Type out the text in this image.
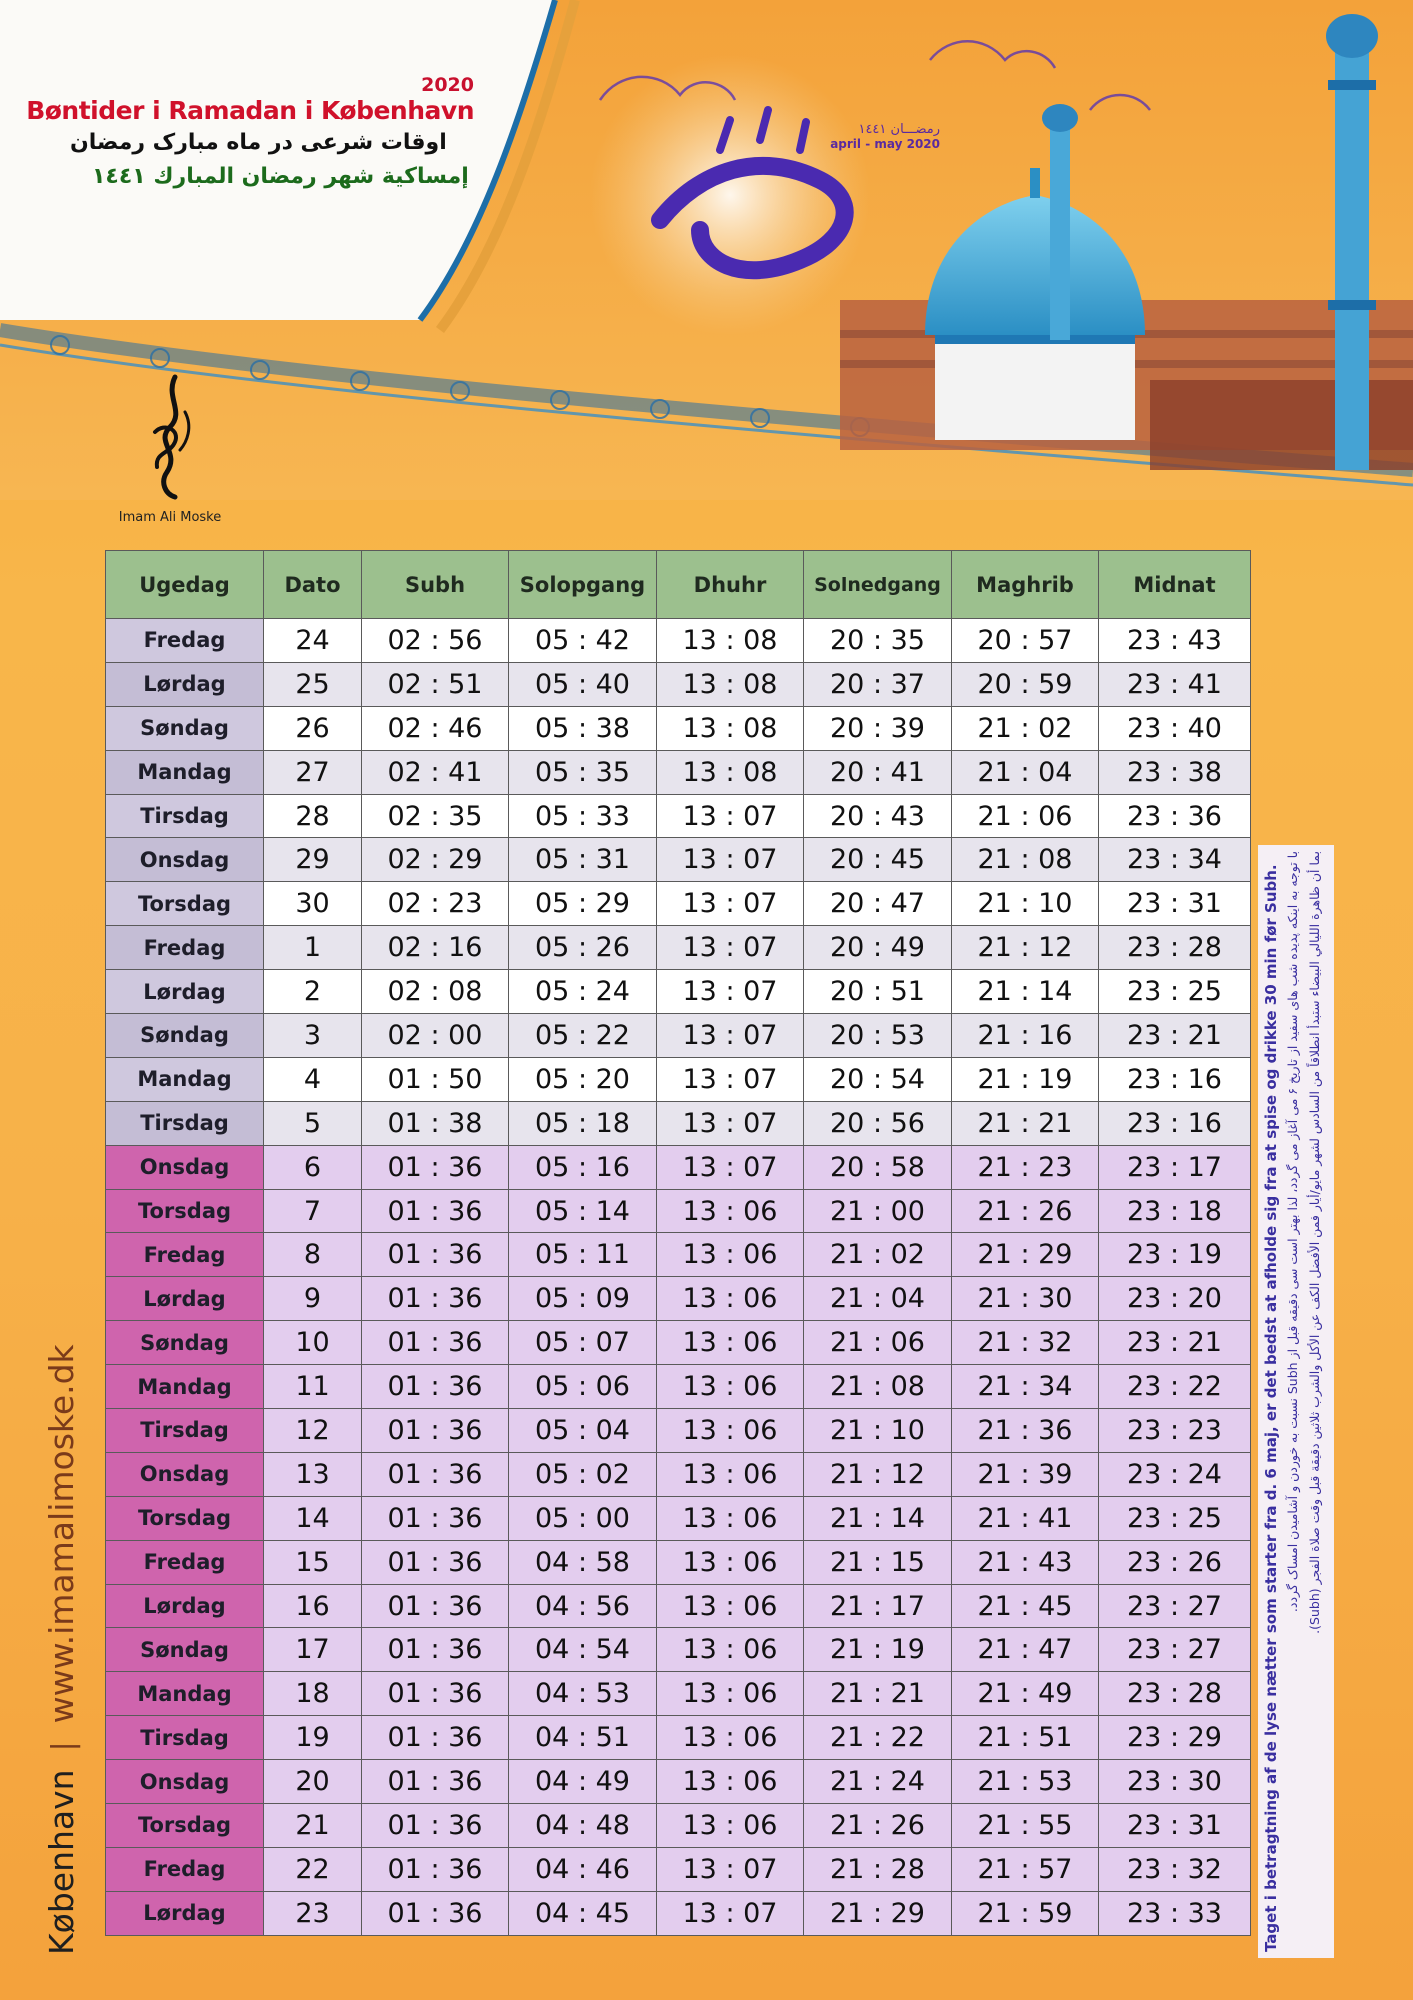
2020
Bøntider i Ramadan i København
اوقات شرعی در ماه مبارک رمضان
إمساكية شهر رمضان المبارك ١٤٤١
رمضـــان ١٤٤١
april - may 2020
Imam Ali Moske
Ugedag	Dato	Subh	Solopgang	Dhuhr	Solnedgang	Maghrib	Midnat
Fredag	24	02 : 56	05 : 42	13 : 08	20 : 35	20 : 57	23 : 43
Lørdag	25	02 : 51	05 : 40	13 : 08	20 : 37	20 : 59	23 : 41
Søndag	26	02 : 46	05 : 38	13 : 08	20 : 39	21 : 02	23 : 40
Mandag	27	02 : 41	05 : 35	13 : 08	20 : 41	21 : 04	23 : 38
Tirsdag	28	02 : 35	05 : 33	13 : 07	20 : 43	21 : 06	23 : 36
Onsdag	29	02 : 29	05 : 31	13 : 07	20 : 45	21 : 08	23 : 34
Torsdag	30	02 : 23	05 : 29	13 : 07	20 : 47	21 : 10	23 : 31
Fredag	1	02 : 16	05 : 26	13 : 07	20 : 49	21 : 12	23 : 28
Lørdag	2	02 : 08	05 : 24	13 : 07	20 : 51	21 : 14	23 : 25
Søndag	3	02 : 00	05 : 22	13 : 07	20 : 53	21 : 16	23 : 21
Mandag	4	01 : 50	05 : 20	13 : 07	20 : 54	21 : 19	23 : 16
Tirsdag	5	01 : 38	05 : 18	13 : 07	20 : 56	21 : 21	23 : 16
Onsdag	6	01 : 36	05 : 16	13 : 07	20 : 58	21 : 23	23 : 17
Torsdag	7	01 : 36	05 : 14	13 : 06	21 : 00	21 : 26	23 : 18
Fredag	8	01 : 36	05 : 11	13 : 06	21 : 02	21 : 29	23 : 19
Lørdag	9	01 : 36	05 : 09	13 : 06	21 : 04	21 : 30	23 : 20
Søndag	10	01 : 36	05 : 07	13 : 06	21 : 06	21 : 32	23 : 21
Mandag	11	01 : 36	05 : 06	13 : 06	21 : 08	21 : 34	23 : 22
Tirsdag	12	01 : 36	05 : 04	13 : 06	21 : 10	21 : 36	23 : 23
Onsdag	13	01 : 36	05 : 02	13 : 06	21 : 12	21 : 39	23 : 24
Torsdag	14	01 : 36	05 : 00	13 : 06	21 : 14	21 : 41	23 : 25
Fredag	15	01 : 36	04 : 58	13 : 06	21 : 15	21 : 43	23 : 26
Lørdag	16	01 : 36	04 : 56	13 : 06	21 : 17	21 : 45	23 : 27
Søndag	17	01 : 36	04 : 54	13 : 06	21 : 19	21 : 47	23 : 27
Mandag	18	01 : 36	04 : 53	13 : 06	21 : 21	21 : 49	23 : 28
Tirsdag	19	01 : 36	04 : 51	13 : 06	21 : 22	21 : 51	23 : 29
Onsdag	20	01 : 36	04 : 49	13 : 06	21 : 24	21 : 53	23 : 30
Torsdag	21	01 : 36	04 : 48	13 : 06	21 : 26	21 : 55	23 : 31
Fredag	22	01 : 36	04 : 46	13 : 07	21 : 28	21 : 57	23 : 32
Lørdag	23	01 : 36	04 : 45	13 : 07	21 : 29	21 : 59	23 : 33	Taget i betragtning af de lyse nætter som starter fra d. 6 maj, er det bedst at afholde sig fra at spise og drikke 30 min før Subh. با توجه به اینکه پدیده شب های سفید از تاریخ ۶ می آغاز می گردد، لذا بهتر است سی دقیقه قبل از Subh نسبت به خوردن و آشامیدن امساک گردد.
بما أن ظاهرة الليالي البيضاء ستبدأ انطلاقاً من السادس لشهر مايو/أيار فمن الأفضل الكف عن الأكل والشرب ثلاثين دقيقة قبل وقت صلاة الفجر (Subh).
København|www.imamalimoske.dk
